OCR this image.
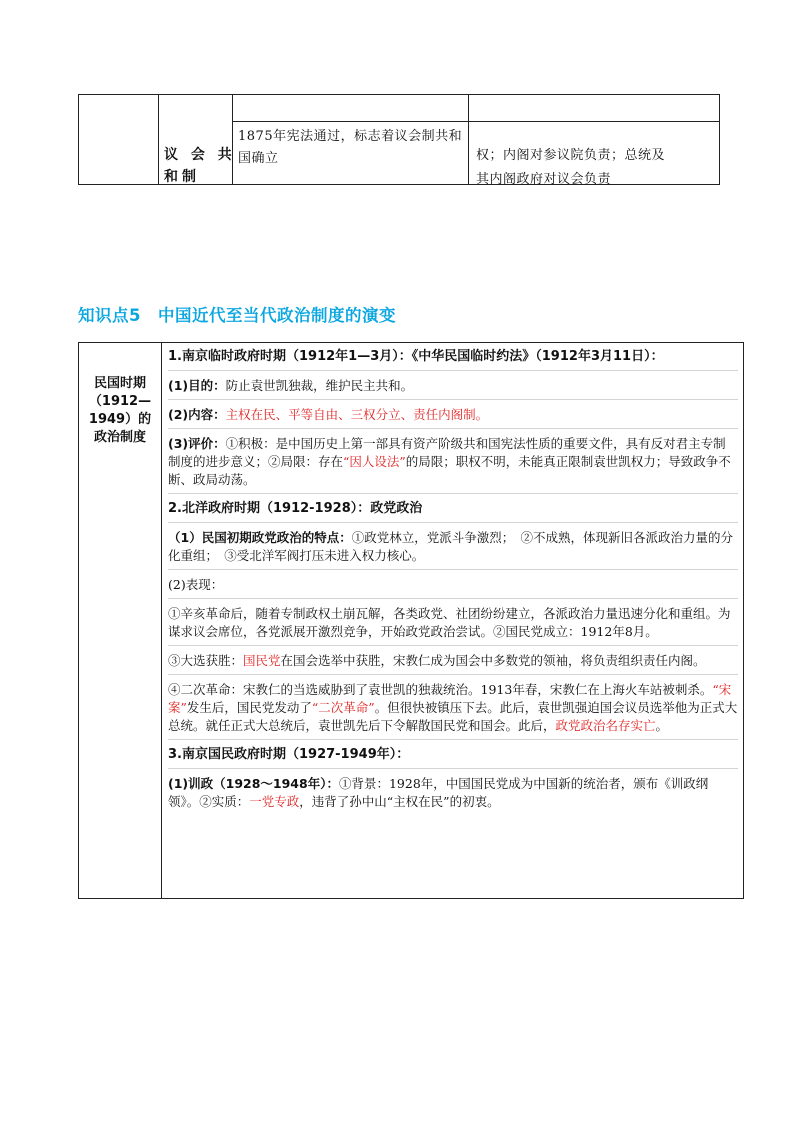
议 会 共
和制
1875年宪法通过，标志着议会制共和国确立	权；内阁对参议院负责；总统及
其内阁政府对议会负责
知识点5　中国近代至当代政治制度的演变
民国时期
（1912—
1949）的
政治制度
1.南京临时政府时期（1912年1—3月）：《中华民国临时约法》（1912年3月11日）：
(1)目的：防止袁世凯独裁，维护民主共和。
(2)内容：主权在民、平等自由、三权分立、责任内阁制。
(3)评价：①积极：是中国历史上第一部具有资产阶级共和国宪法性质的重要文件，具有反对君主专制制度的进步意义；②局限：存在“因人设法”的局限；职权不明，未能真正限制袁世凯权力；导致政争不断、政局动荡。
2.北洋政府时期（1912-1928）：政党政治
（1）民国初期政党政治的特点：①政党林立，党派斗争激烈；　②不成熟，体现新旧各派政治力量的分化重组；　③受北洋军阀打压未进入权力核心。
(2)表现：
①辛亥革命后，随着专制政权土崩瓦解，各类政党、社团纷纷建立，各派政治力量迅速分化和重组。为谋求议会席位，各党派展开激烈竞争，开始政党政治尝试。②国民党成立：1912年8月。
③大选获胜：国民党在国会选举中获胜，宋教仁成为国会中多数党的领袖，将负责组织责任内阁。
④二次革命：宋教仁的当选威胁到了袁世凯的独裁统治。1913年春，宋教仁在上海火车站被刺杀。“宋案”发生后，国民党发动了“二次革命”。但很快被镇压下去。此后，袁世凯强迫国会议员选举他为正式大总统。就任正式大总统后，袁世凯先后下令解散国民党和国会。此后，政党政治名存实亡。
3.南京国民政府时期（1927-1949年）：
(1)训政（1928～1948年）：①背景：1928年，中国国民党成为中国新的统治者，颁布《训政纲领》。②实质：一党专政，违背了孙中山“主权在民”的初衷。
